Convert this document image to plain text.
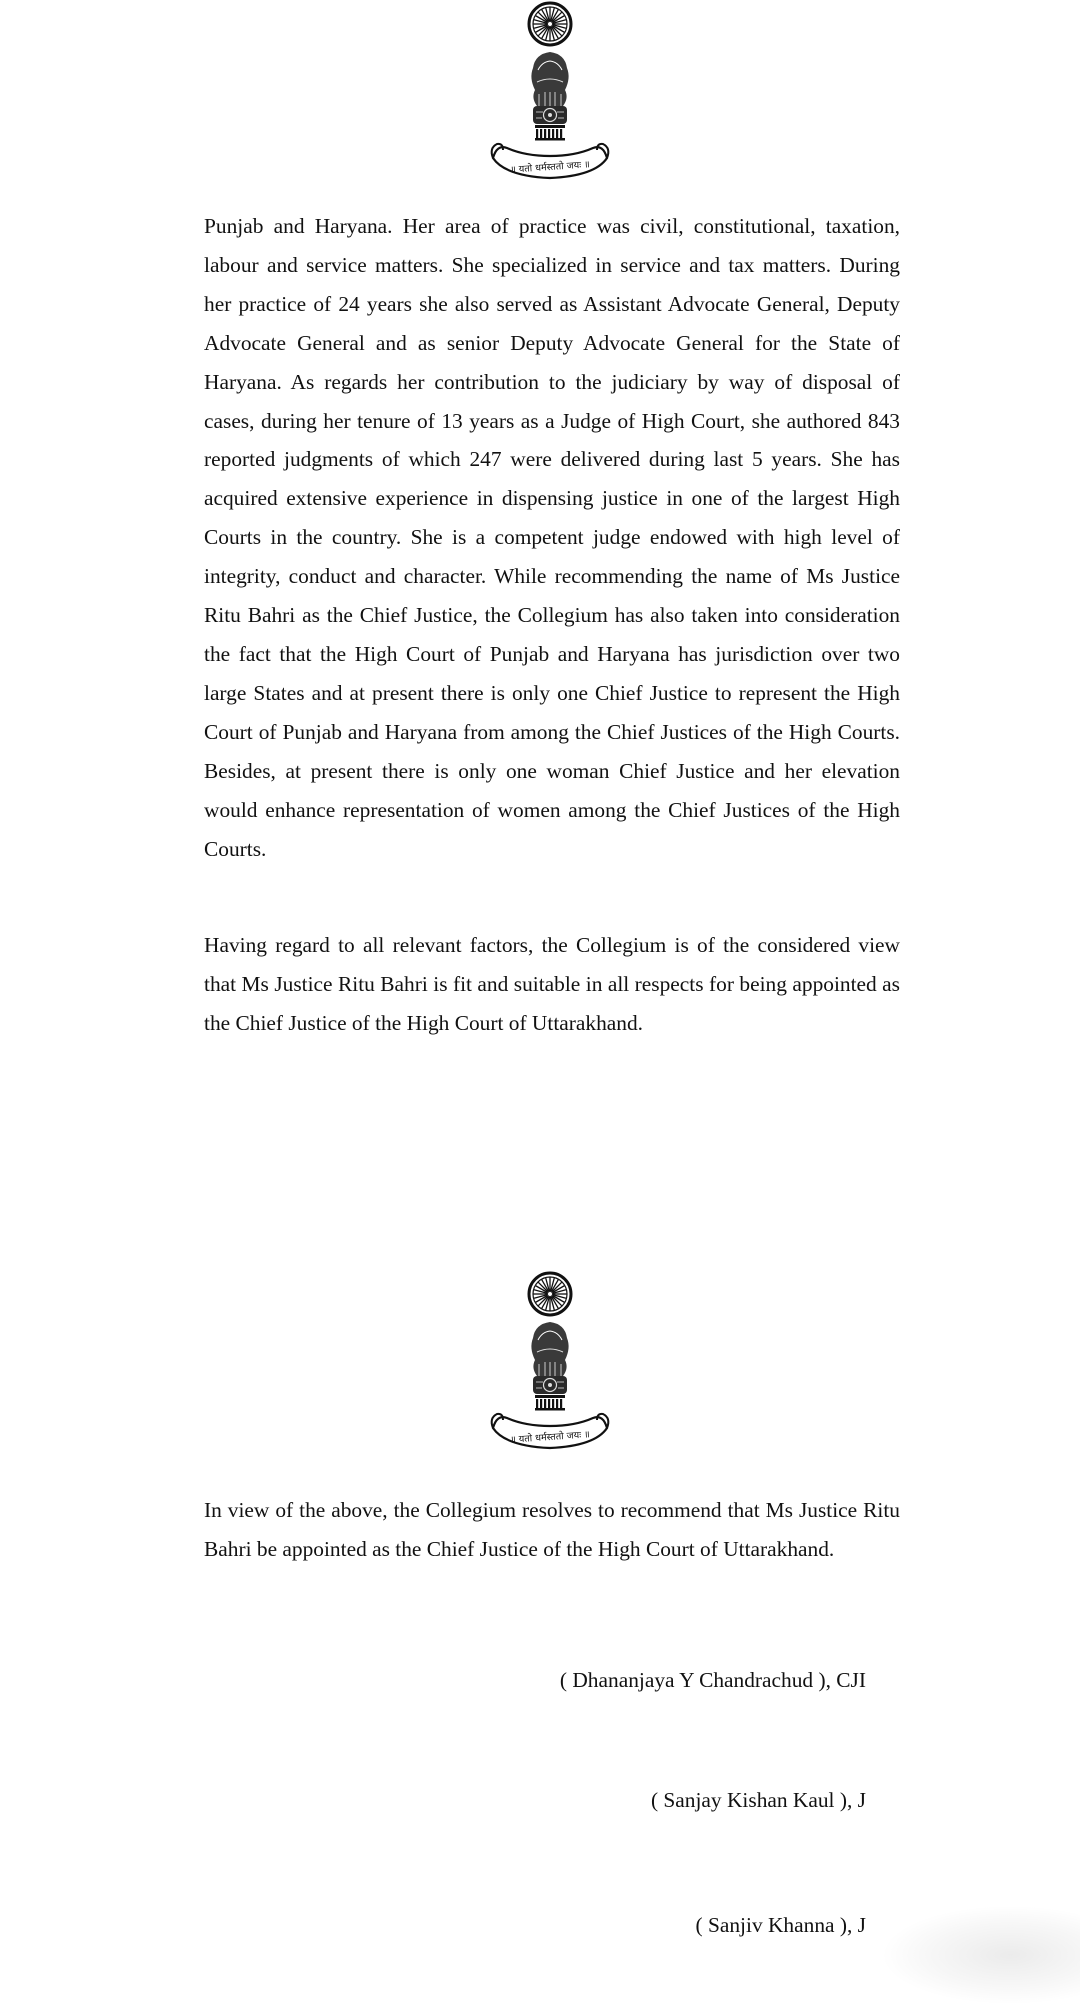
॥ यतो धर्मस्ततो जयः ॥

Punjab and Haryana. Her area of practice was civil, constitutional, taxation, labour and service matters. She specialized in service and tax matters. During her practice of 24 years she also served as Assistant Advocate General, Deputy Advocate General and as senior Deputy Advocate General for the State of Haryana. As regards her contribution to the judiciary by way of disposal of cases, during her tenure of 13 years as a Judge of High Court, she authored 843 reported judgments of which 247 were delivered during last 5 years. She has acquired extensive experience in dispensing justice in one of the largest High Courts in the country. She is a competent judge endowed with high level of integrity, conduct and character. While recommending the name of Ms Justice Ritu Bahri as the Chief Justice, the Collegium has also taken into consideration the fact that the High Court of Punjab and Haryana has jurisdiction over two large States and at present there is only one Chief Justice to represent the High Court of Punjab and Haryana from among the Chief Justices of the High Courts. Besides, at present there is only one woman Chief Justice and her elevation would enhance representation of women among the Chief Justices of the High Courts.

Having regard to all relevant factors, the Collegium is of the considered view that Ms Justice Ritu Bahri is fit and suitable in all respects for being appointed as the Chief Justice of the High Court of Uttarakhand.

॥ यतो धर्मस्ततो जयः ॥

In view of the above, the Collegium resolves to recommend that Ms Justice Ritu Bahri be appointed as the Chief Justice of the High Court of Uttarakhand.

( Dhananjaya Y Chandrachud ), CJI
( Sanjay Kishan Kaul ), J
( Sanjiv Khanna ), J
